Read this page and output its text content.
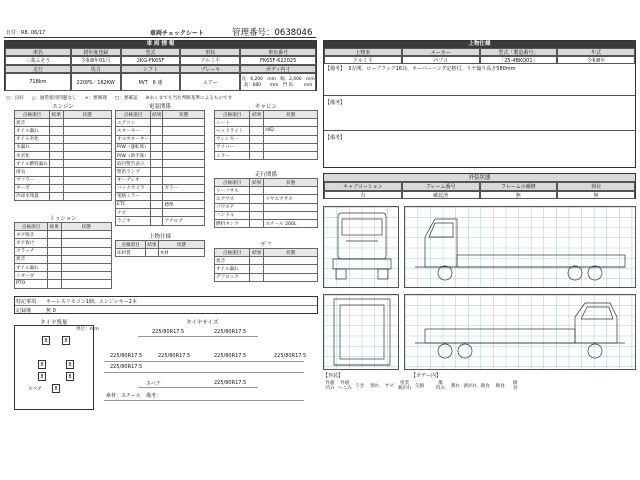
日付：R8. 06/17	車両チェックシート	管理番号：0638046
車 両 情 報
車名	初年度登録	型式	形状	車台番号
三菱ふそう	令和8年01月	2KG-FK65F	アルミ平	FK65F-622025
走行	馬力	シフト	ブレーキ	ボディ内寸
718km	220PS／162KW	M/T　6 速	エアー	長：6,200　mm　幅：2,400　mm
高：680　　mm　門 高：　　mm
○：良好 △：通常使用問題なし ×：要修理 □：要確認 ※あくまでも当社判断基準によるものです
エンジン
点検項目	結果	状態
異音		
オイル漏れ		
オイル劣化		
水漏れ		
水劣化		
オイル燃料漏れ		
排気		
マフラー		
ターボ		
冷却水残量		
ミッション
点検項目	結果	状態
ギア鳴き		
ギア抜け		
クラッチ		
異音		
オイル漏れ		
リターダ		
PTO		
電装関係
点検項目	結果	状態
エアコン		
スターター		
オルタネーター		
P/W（運転席）		
P/W（助手席）		
取付警告表示		
警笛ランプ		
オーディオ		
バックカメラ		カラー
電格ミラー		
ETC		標準
ナビ		
ラジオ		アナログ
上物仕様
点検項目	結果	状態
床材質		木材
キャビン
点検項目	結果	状態
シート		
ヘッドライト		HID
ウィンカー		
ワイパー		
ミラー		
走行関係
点検項目	結果	状態
リーフサス		
エアサス		リヤエアサス
パワステ		
ハンドル		
燃料タンク		スチール 200L
デフ
点検項目	結果	状態
異音		
オイル漏れ		
デフロック		
特記事項	キーレスリモコン1個、エンジンキー2本
記録簿	無 0
タイヤ残量
単位：mm
タイヤサイズ
8	8
8	8
8	8
スペア	8
225/80R17.5	225/80R17.5
225/80R17.5	225/80R17.5	225/80R17.5	225/80R17.5
225/80R17.5
スペア	225/80R17.5
素材：スチール 備考：
上物仕様
上物名	メーカー	型式「製造番号」	年式
アルミ平	パブコ	「25-4BKQ01」	令和8年
【備考】 3方開、ロープフック16対、オーバーハング定格付、リヤ煽り高さ580mm
【備考】
【備考】
外装状態
キャブコーション	フレーム番号	フレームの補修	荷台
有	確認済	無	無
【外装】	【ボデー内】
外板
凹み
外板
へこみ うき 割れ サビ 塗装
剥がれ 欠損	傷
凹み 割れ 剥がれ 腐食 腐食 腐
食
